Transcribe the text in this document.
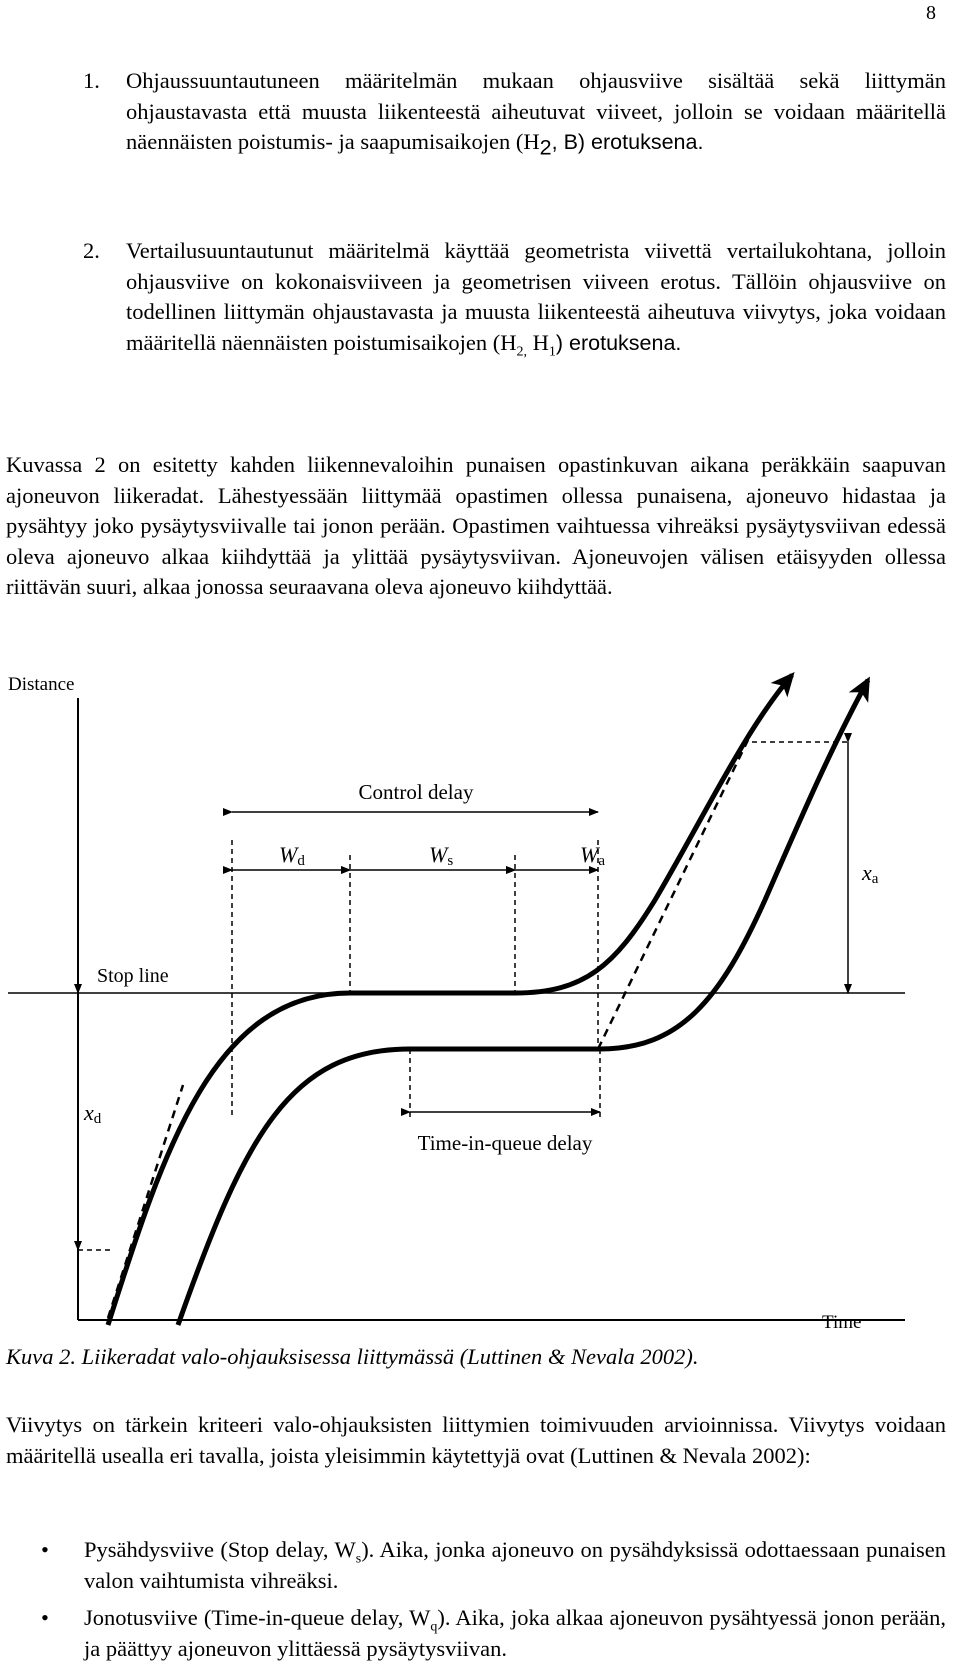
8

1.	Ohjaussuuntautuneen määritelmän mukaan ohjausviive sisältää sekä liittymän ohjaustavasta että muusta liikenteestä aiheutuvat viiveet, jolloin se voidaan määritellä näennäisten poistumis- ja saapumisaikojen ($H_2$, B) erotuksena.

2.	Vertailusuuntautunut määritelmä käyttää geometrista viivettä vertailukohtana, jolloin ohjausviive on kokonaisviiveen ja geometrisen viiveen erotus. Tällöin ohjausviive on todellinen liittymän ohjaustavasta ja muusta liikenteestä aiheutuva viivytys, joka voidaan määritellä näennäisten poistumisaikojen ($H_{2,}$ $H_1$) erotuksena.

Kuvassa 2 on esitetty kahden liikennevaloihin punaisen opastinkuvan aikana peräkkäin saapuvan ajoneuvon liikeradat. Lähestyessään liittymää opastimen ollessa punaisena, ajoneuvo hidastaa ja pysähtyy joko pysäytysviivalle tai jonon perään. Opastimen vaihtuessa vihreäksi pysäytysviivan edessä oleva ajoneuvo alkaa kiihdyttää ja ylittää pysäytysviivan. Ajoneuvojen välisen etäisyyden ollessa riittävän suuri, alkaa jonossa seuraavana oleva ajoneuvo kiihdyttää.

Distance
Time
Stop line
Control delay
Wd	Ws	Wa	xa
xd
Time-in-queue delay

Kuva 2. Liikeradat valo-ohjauksisessa liittymässä (Luttinen & Nevala 2002).

Viivytys on tärkein kriteeri valo-ohjauksisten liittymien toimivuuden arvioinnissa. Viivytys voidaan määritellä usealla eri tavalla, joista yleisimmin käytettyjä ovat (Luttinen & Nevala 2002):

•	Pysähdysviive (Stop delay, $W_s$). Aika, jonka ajoneuvo on pysähdyksissä odottaessaan punaisen valon vaihtumista vihreäksi.

•	Jonotusviive (Time-in-queue delay, $W_q$). Aika, joka alkaa ajoneuvon pysähtyessä jonon perään, ja päättyy ajoneuvon ylittäessä pysäytysviivan.
